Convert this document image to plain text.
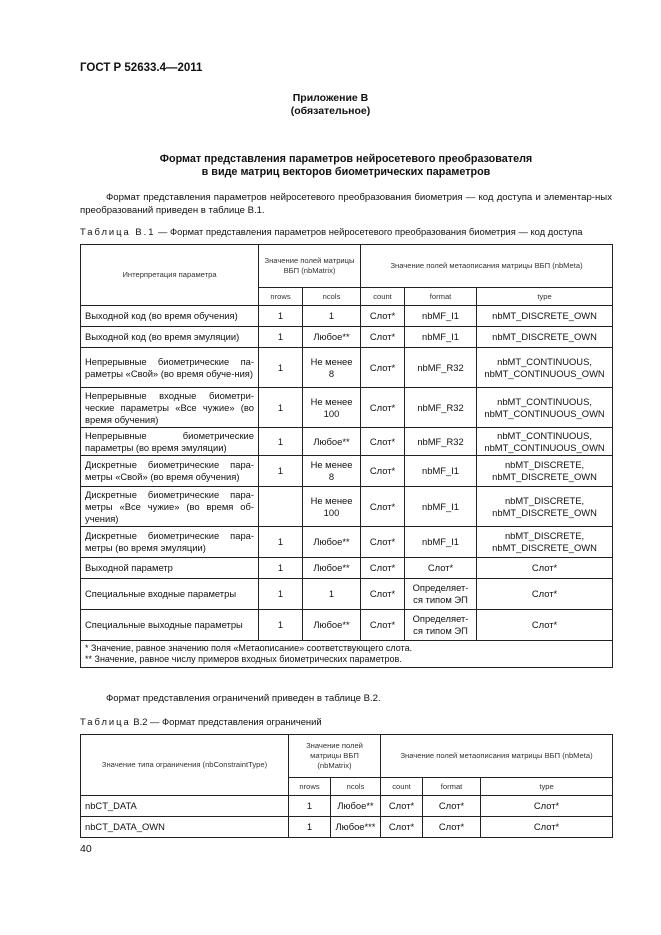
ГОСТ Р 52633.4—2011
Приложение В
(обязательное)
Формат представления параметров нейросетевого преобразователя
в виде матриц векторов биометрических параметров
Формат представления параметров нейросетевого преобразования биометрия — код доступа и элементар-ных преобразований приведен в таблице В.1.
Таблица В.1 — Формат представления параметров нейросетевого преобразования биометрия — код доступа
Интерпретация параметра	Значение полей матрицы ВБП (nbMatrix)		Значение полей метаописания матрицы ВБП (nbMeta)		
	nrows	ncols	count	format	type
Выходной код (во время обучения)	1	1	Слот*	nbMF_I1	nbMT_DISCRETE_OWN
Выходной код (во время эмуляции)	1	Любое**	Слот*	nbMF_I1	nbMT_DISCRETE_OWN
Непрерывные биометрические па-раметры «Свой» (во время обуче-ния)	1	Не менее 8	Слот*	nbMF_R32	nbMT_CONTINUOUS, nbMT_CONTINUOUS_OWN
Непрерывные входные биометри-ческие параметры «Все чужие» (во время обучения)	1	Не менее 100	Слот*	nbMF_R32	nbMT_CONTINUOUS, nbMT_CONTINUOUS_OWN
Непрерывные биометрические параметры (во время эмуляции)	1	Любое**	Слот*	nbMF_R32	nbMT_CONTINUOUS, nbMT_CONTINUOUS_OWN
Дискретные биометрические пара-метры «Свой» (во время обучения)	1	Не менее 8	Слот*	nbMF_I1	nbMT_DISCRETE, nbMT_DISCRETE_OWN
Дискретные биометрические пара-метры «Все чужие» (во время об-учения)		Не менее 100	Слот*	nbMF_I1	nbMT_DISCRETE, nbMT_DISCRETE_OWN
Дискретные биометрические пара-метры (во время эмуляции)	1	Любое**	Слот*	nbMF_I1	nbMT_DISCRETE, nbMT_DISCRETE_OWN
Выходной параметр	1	Любое**	Слот*	Слот*	Слот*
Специальные входные параметры	1	1	Слот*	Определяет-ся типом ЭП	Слот*
Специальные выходные параметры	1	Любое**	Слот*	Определяет-ся типом ЭП	Слот*

* Значение, равное значению поля «Метаописание» соответствующего слота.
** Значение, равное числу примеров входных биометрических параметров.					
Формат представления ограничений приведен в таблице В.2.
Таблица В.2 — Формат представления ограничений
Значение типа ограничения (nbConstraintType)	Значение полей матрицы ВБП (nbMatrix)		Значение полей метаописания матрицы ВБП (nbMeta)		
	nrows	ncols	count	format	type
nbCT_DATA	1	Любое**	Слот*	Слот*	Слот*
nbCT_DATA_OWN	1	Любое***	Слот*	Слот*	Слот*
40
